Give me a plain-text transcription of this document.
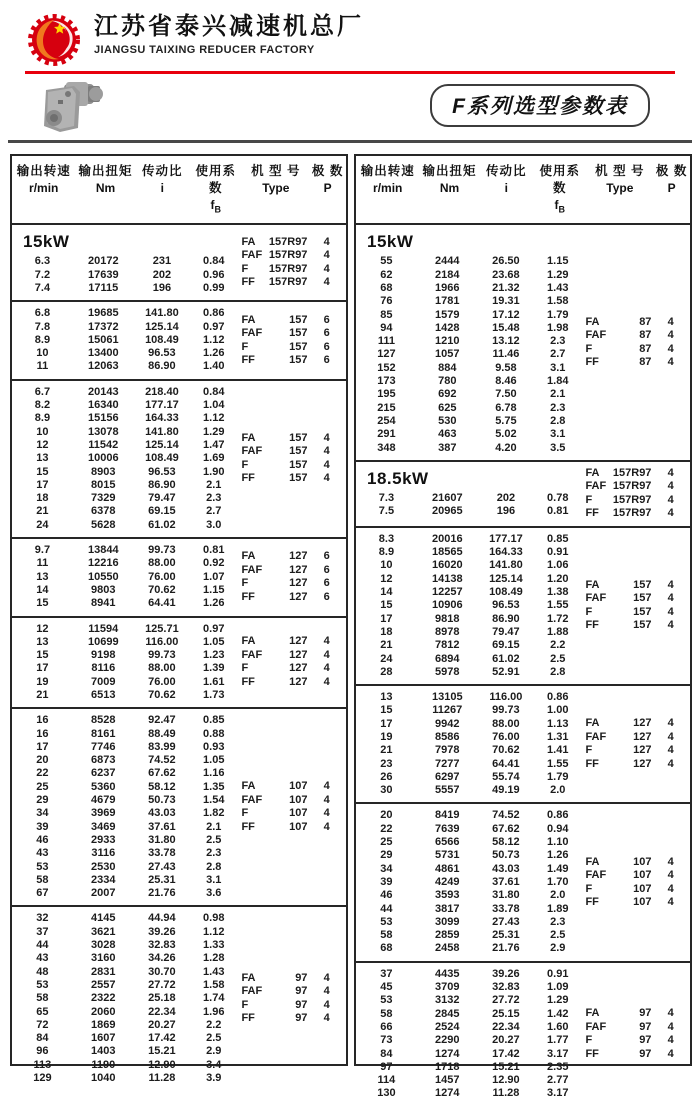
江苏省泰兴减速机总厂
JIANGSU TAIXING REDUCER FACTORY
F系列选型参数表
输出转速
r/min
输出扭矩
Nm
传动比
i
使用系数
$f_B$
机 型 号
Type
极 数
P
15kW
6.3	20172	231	0.84
7.2	17639	202	0.96
7.4	17115	196	0.99
FA 157R97	4
FAF 157R97	4
F 157R97	4
FF 157R97	4
6.8	19685	141.80	0.86
7.8	17372	125.14	0.97
8.9	15061	108.49	1.12
10	13400	96.53	1.26
11	12063	86.90	1.40
FA	157	6
FAF 157	6
F	157	6
FF	157	6
6.7	20143	218.40	0.84
8.2	16340	177.17	1.04
8.9	15156	164.33	1.12
10	13078	141.80	1.29
12	11542	125.14	1.47
13	10006	108.49	1.69
15	8903	96.53	1.90
17	8015	86.90	2.1
18	7329	79.47	2.3
21	6378	69.15	2.7
24	5628	61.02	3.0
FA	157	4
FAF 157	4
F	157	4
FF	157	4
9.7	13844	99.73	0.81
11	12216	88.00	0.92
13	10550	76.00	1.07
14	9803	70.62	1.15
15	8941	64.41	1.26
FA	127	6
FAF 127	6
F	127	6
FF	127	6
12	11594	125.71	0.97
13	10699	116.00	1.05
15	9198	99.73	1.23
17	8116	88.00	1.39
19	7009	76.00	1.61
21	6513	70.62	1.73
FA	127	4
FAF 127	4
F	127	4
FF	127	4
16	8528	92.47	0.85
16	8161	88.49	0.88
17	7746	83.99	0.93
20	6873	74.52	1.05
22	6237	67.62	1.16
25	5360	58.12	1.35
29	4679	50.73	1.54
34	3969	43.03	1.82
39	3469	37.61	2.1
46	2933	31.80	2.5
43	3116	33.78	2.3
53	2530	27.43	2.8
58	2334	25.31	3.1
67	2007	21.76	3.6
FA	107	4
FAF 107	4
F	107	4
FF	107	4
32	4145	44.94	0.98
37	3621	39.26	1.12
44	3028	32.83	1.33
43	3160	34.26	1.28
48	2831	30.70	1.43
53	2557	27.72	1.58
58	2322	25.18	1.74
65	2060	22.34	1.96
72	1869	20.27	2.2
84	1607	17.42	2.5
96	1403	15.21	2.9
113	1190	12.90	3.4
129	1040	11.28	3.9
FA	97	4
FAF	97	4
F	97	4
FF	97	4
输出转速
r/min
输出扭矩
Nm
传动比
i
使用系数
$f_B$
机 型 号
Type
极 数
P
15kW
55	2444	26.50	1.15
62	2184	23.68	1.29
68	1966	21.32	1.43
76	1781	19.31	1.58
85	1579	17.12	1.79
94	1428	15.48	1.98
111	1210	13.12	2.3
127	1057	11.46	2.7
152	884	9.58	3.1
173	780	8.46	1.84
195	692	7.50	2.1
215	625	6.78	2.3
254	530	5.75	2.8
291	463	5.02	3.1
348	387	4.20	3.5
FA	87	4
FAF	87	4
F	87	4
FF	87	4
18.5kW
7.3	21607	202	0.78
7.5	20965	196	0.81
FA 157R97	4
FAF 157R97	4
F 157R97	4
FF 157R97	4
8.3	20016	177.17	0.85
8.9	18565	164.33	0.91
10	16020	141.80	1.06
12	14138	125.14	1.20
14	12257	108.49	1.38
15	10906	96.53	1.55
17	9818	86.90	1.72
18	8978	79.47	1.88
21	7812	69.15	2.2
24	6894	61.02	2.5
28	5978	52.91	2.8
FA	157	4
FAF 157	4
F	157	4
FF	157	4
13	13105	116.00	0.86
15	11267	99.73	1.00
17	9942	88.00	1.13
19	8586	76.00	1.31
21	7978	70.62	1.41
23	7277	64.41	1.55
26	6297	55.74	1.79
30	5557	49.19	2.0
FA	127	4
FAF 127	4
F	127	4
FF	127	4
20	8419	74.52	0.86
22	7639	67.62	0.94
25	6566	58.12	1.10
29	5731	50.73	1.26
34	4861	43.03	1.49
39	4249	37.61	1.70
46	3593	31.80	2.0
44	3817	33.78	1.89
53	3099	27.43	2.3
58	2859	25.31	2.5
68	2458	21.76	2.9
FA	107	4
FAF 107	4
F	107	4
FF	107	4
37	4435	39.26	0.91
45	3709	32.83	1.09
53	3132	27.72	1.29
58	2845	25.15	1.42
66	2524	22.34	1.60
73	2290	20.27	1.77
84	1274	17.42	3.17
97	1718	15.21	2.35
114	1457	12.90	2.77
130	1274	11.28	3.17
FA	97	4
FAF	97	4
F	97	4
FF	97	4
